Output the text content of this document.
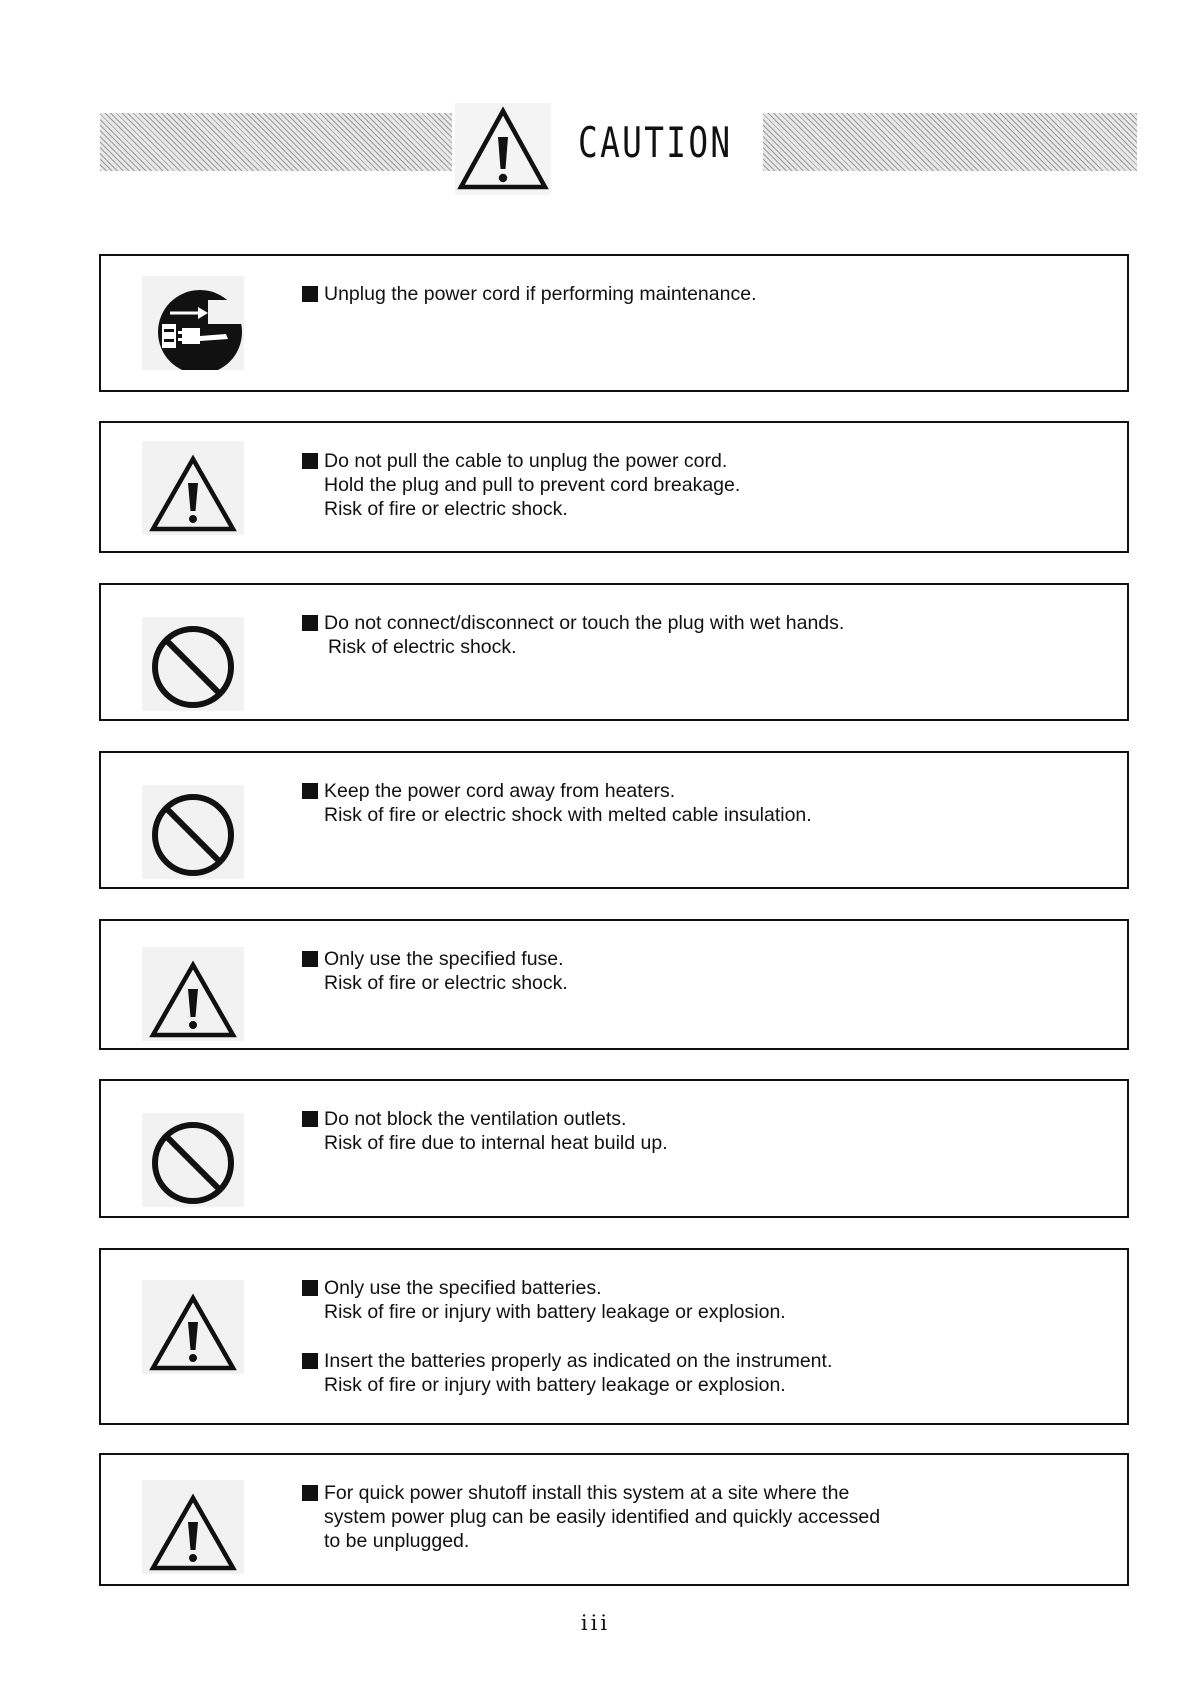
CAUTION
Unplug the power cord if performing maintenance.
Do not pull the cable to unplug the power cord.
Hold the plug and pull to prevent cord breakage.
Risk of fire or electric shock.
Do not connect/disconnect or touch the plug with wet hands.
Risk of electric shock.
Keep the power cord away from heaters.
Risk of fire or electric shock with melted cable insulation.
Only use the specified fuse.
Risk of fire or electric shock.
Do not block the ventilation outlets.
Risk of fire due to internal heat build up.
Only use the specified batteries.
Risk of fire or injury with battery leakage or explosion.
Insert the batteries properly as indicated on the instrument.
Risk of fire or injury with battery leakage or explosion.
For quick power shutoff install this system at a site where the
system power plug can be easily identified and quickly accessed
to be unplugged.
iii
